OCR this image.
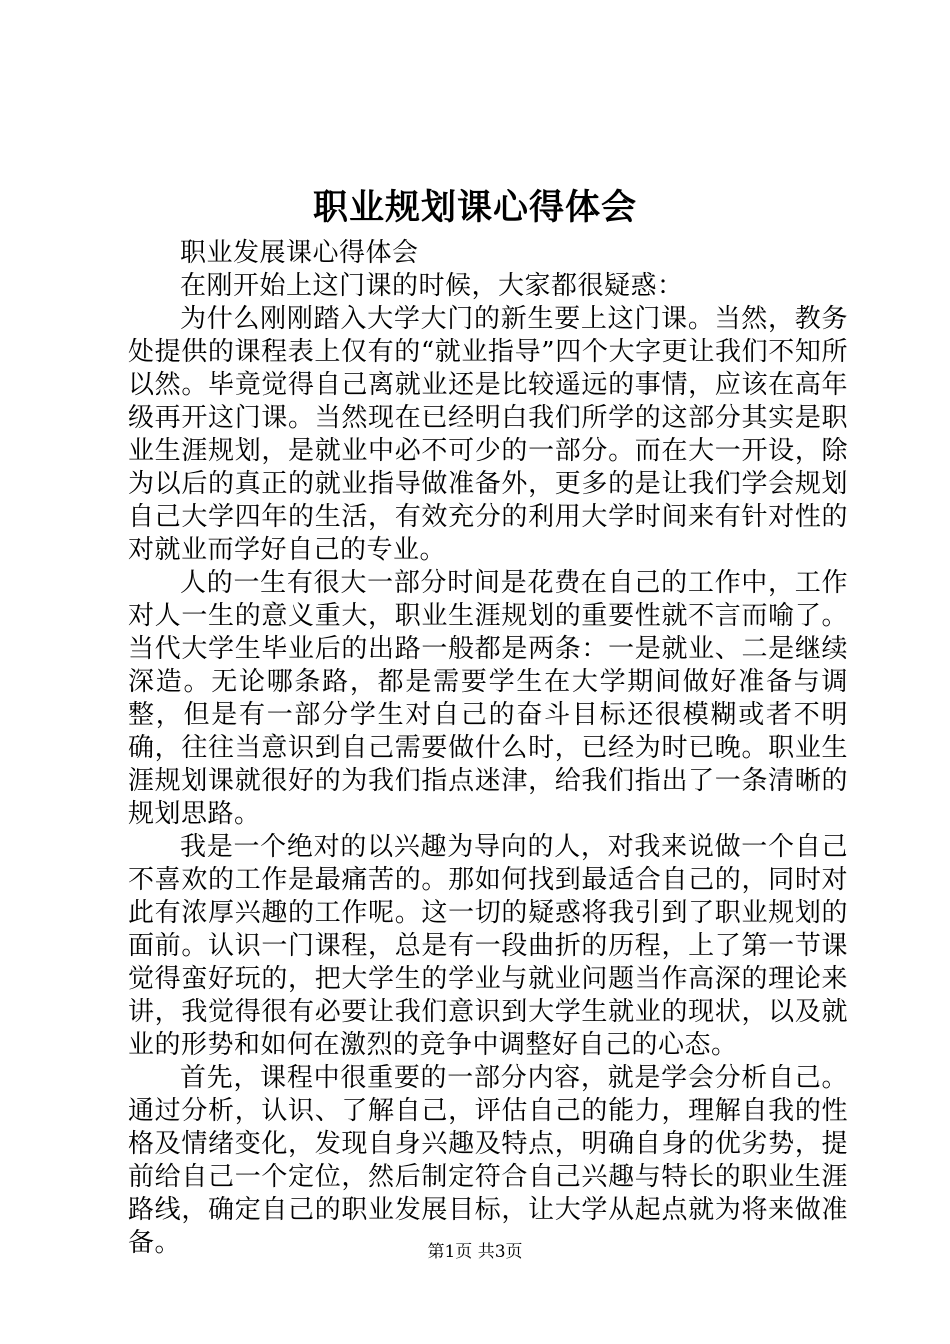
职业规划课心得体会

职业发展课心得体会

在刚开始上这门课的时候，大家都很疑惑：

为什么刚刚踏入大学大门的新生要上这门课。当然，教务处提供的课程表上仅有的“就业指导”四个大字更让我们不知所以然。毕竟觉得自己离就业还是比较遥远的事情，应该在高年级再开这门课。当然现在已经明白我们所学的这部分其实是职业生涯规划，是就业中必不可少的一部分。而在大一开设，除为以后的真正的就业指导做准备外，更多的是让我们学会规划自己大学四年的生活，有效充分的利用大学时间来有针对性的对就业而学好自己的专业。

人的一生有很大一部分时间是花费在自己的工作中，工作对人一生的意义重大，职业生涯规划的重要性就不言而喻了。当代大学生毕业后的出路一般都是两条：一是就业、二是继续深造。无论哪条路，都是需要学生在大学期间做好准备与调整，但是有一部分学生对自己的奋斗目标还很模糊或者不明确，往往当意识到自己需要做什么时，已经为时已晚。职业生涯规划课就很好的为我们指点迷津，给我们指出了一条清晰的规划思路。

我是一个绝对的以兴趣为导向的人，对我来说做一个自己不喜欢的工作是最痛苦的。那如何找到最适合自己的，同时对此有浓厚兴趣的工作呢。这一切的疑惑将我引到了职业规划的面前。认识一门课程，总是有一段曲折的历程，上了第一节课觉得蛮好玩的，把大学生的学业与就业问题当作高深的理论来讲，我觉得很有必要让我们意识到大学生就业的现状，以及就业的形势和如何在激烈的竞争中调整好自己的心态。

首先，课程中很重要的一部分内容，就是学会分析自己。通过分析，认识、了解自己，评估自己的能力，理解自我的性格及情绪变化，发现自身兴趣及特点，明确自身的优劣势，提前给自己一个定位，然后制定符合自己兴趣与特长的职业生涯路线，确定自己的职业发展目标，让大学从起点就为将来做准备。	第1页 共3页
